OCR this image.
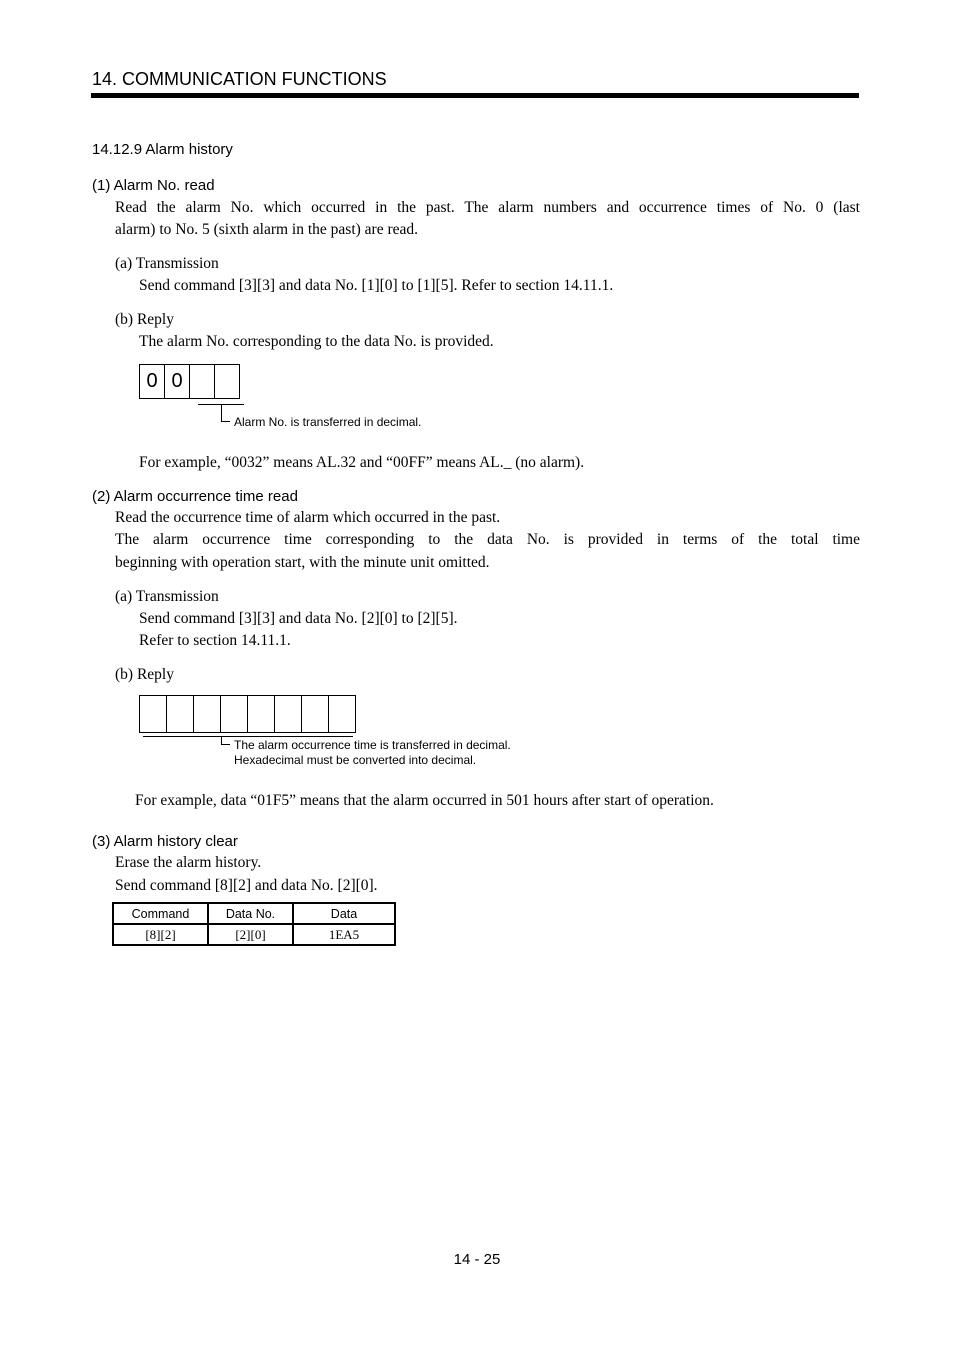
14. COMMUNICATION FUNCTIONS
14.12.9 Alarm history
(1) Alarm No. read
Read the alarm No. which occurred in the past. The alarm numbers and occurrence times of No. 0 (last
alarm) to No. 5 (sixth alarm in the past) are read.
(a) Transmission
Send command [3][3] and data No. [1][0] to [1][5]. Refer to section 14.11.1.
(b) Reply
The alarm No. corresponding to the data No. is provided.
0 0
Alarm No. is transferred in decimal.
For example, “0032” means AL.32 and “00FF” means AL._ (no alarm).
(2) Alarm occurrence time read
Read the occurrence time of alarm which occurred in the past.
The alarm occurrence time corresponding to the data No. is provided in terms of the total time
beginning with operation start, with the minute unit omitted.
(a) Transmission
Send command [3][3] and data No. [2][0] to [2][5].
Refer to section 14.11.1.
(b) Reply
The alarm occurrence time is transferred in decimal.
Hexadecimal must be converted into decimal.
For example, data “01F5” means that the alarm occurred in 501 hours after start of operation.
(3) Alarm history clear
Erase the alarm history.
Send command [8][2] and data No. [2][0].
Command	Data No.	Data
[8][2]	[2][0]	1EA5
14 - 25
